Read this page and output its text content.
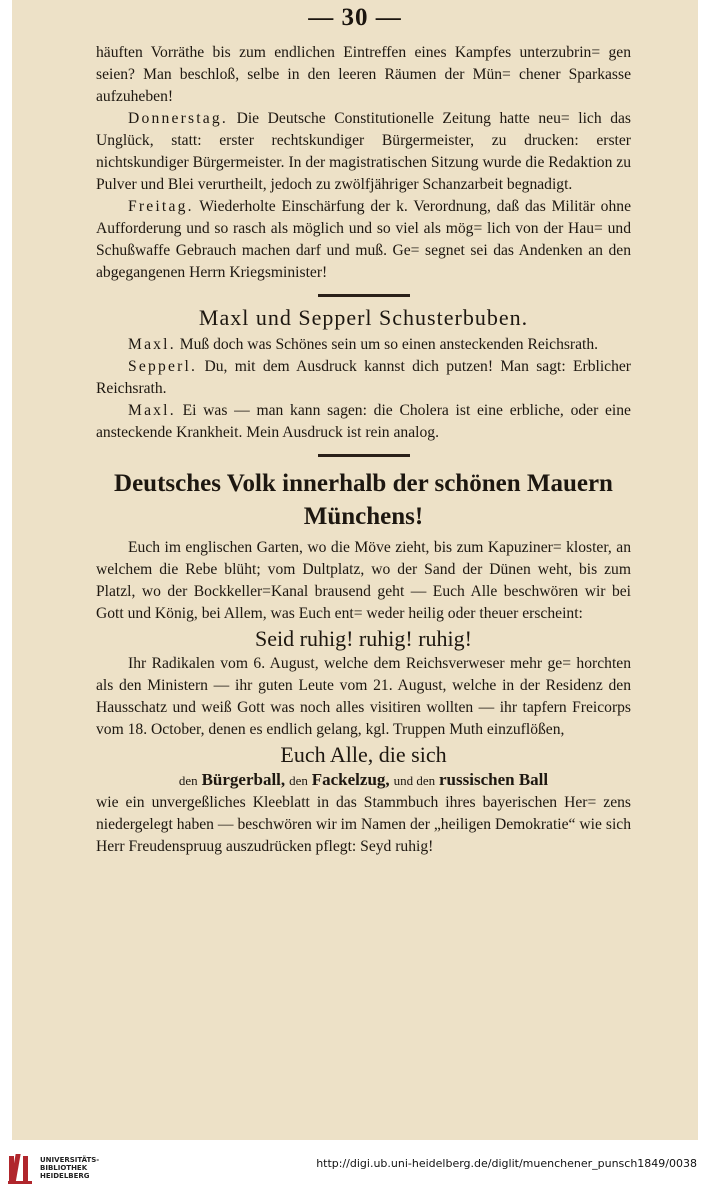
— 30 —

häuften Vorräthe bis zum endlichen Eintreffen eines Kampfes unterzubrin= gen seien? Man beschloß, selbe in den leeren Räumen der Mün= chener Sparkasse aufzuheben!

Donnerstag. Die Deutsche Constitutionelle Zeitung hatte neu= lich das Unglück, statt: erster rechtskundiger Bürgermeister, zu drucken: erster nichtskundiger Bürgermeister. In der magistratischen Sitzung wurde die Redaktion zu Pulver und Blei verurtheilt, jedoch zu zwölfjähriger Schanzarbeit begnadigt.

Freitag. Wiederholte Einschärfung der k. Verordnung, daß das Militär ohne Aufforderung und so rasch als möglich und so viel als mög= lich von der Hau= und Schußwaffe Gebrauch machen darf und muß. Ge= segnet sei das Andenken an den abgegangenen Herrn Kriegsminister!

Maxl und Sepperl Schusterbuben.

Maxl. Muß doch was Schönes sein um so einen ansteckenden Reichsrath.

Sepperl. Du, mit dem Ausdruck kannst dich putzen! Man sagt: Erblicher Reichsrath.

Maxl. Ei was — man kann sagen: die Cholera ist eine erbliche, oder eine ansteckende Krankheit. Mein Ausdruck ist rein analog.

Deutsches Volk innerhalb der schönen Mauern Münchens!

Euch im englischen Garten, wo die Möve zieht, bis zum Kapuziner= kloster, an welchem die Rebe blüht; vom Dultplatz, wo der Sand der Dünen weht, bis zum Platzl, wo der Bockkeller=Kanal brausend geht — Euch Alle beschwören wir bei Gott und König, bei Allem, was Euch ent= weder heilig oder theuer erscheint:

Seid ruhig! ruhig! ruhig!

Ihr Radikalen vom 6. August, welche dem Reichsverweser mehr ge= horchten als den Ministern — ihr guten Leute vom 21. August, welche in der Residenz den Hausschatz und weiß Gott was noch alles visitiren wollten — ihr tapfern Freicorps vom 18. October, denen es endlich gelang, kgl. Truppen Muth einzuflößen,

Euch Alle, die sich

den Bürgerball, den Fackelzug, und den russischen Ball

wie ein unvergeßliches Kleeblatt in das Stammbuch ihres bayerischen Her= zens niedergelegt haben — beschwören wir im Namen der „heiligen Demokratie“ wie sich Herr Freudenspruug auszudrücken pflegt: Seyd ruhig!

UNIVERSITÄTS-
BIBLIOTHEK
HEIDELBERG
http://digi.ub.uni-heidelberg.de/diglit/muenchener_punsch1849/0038
